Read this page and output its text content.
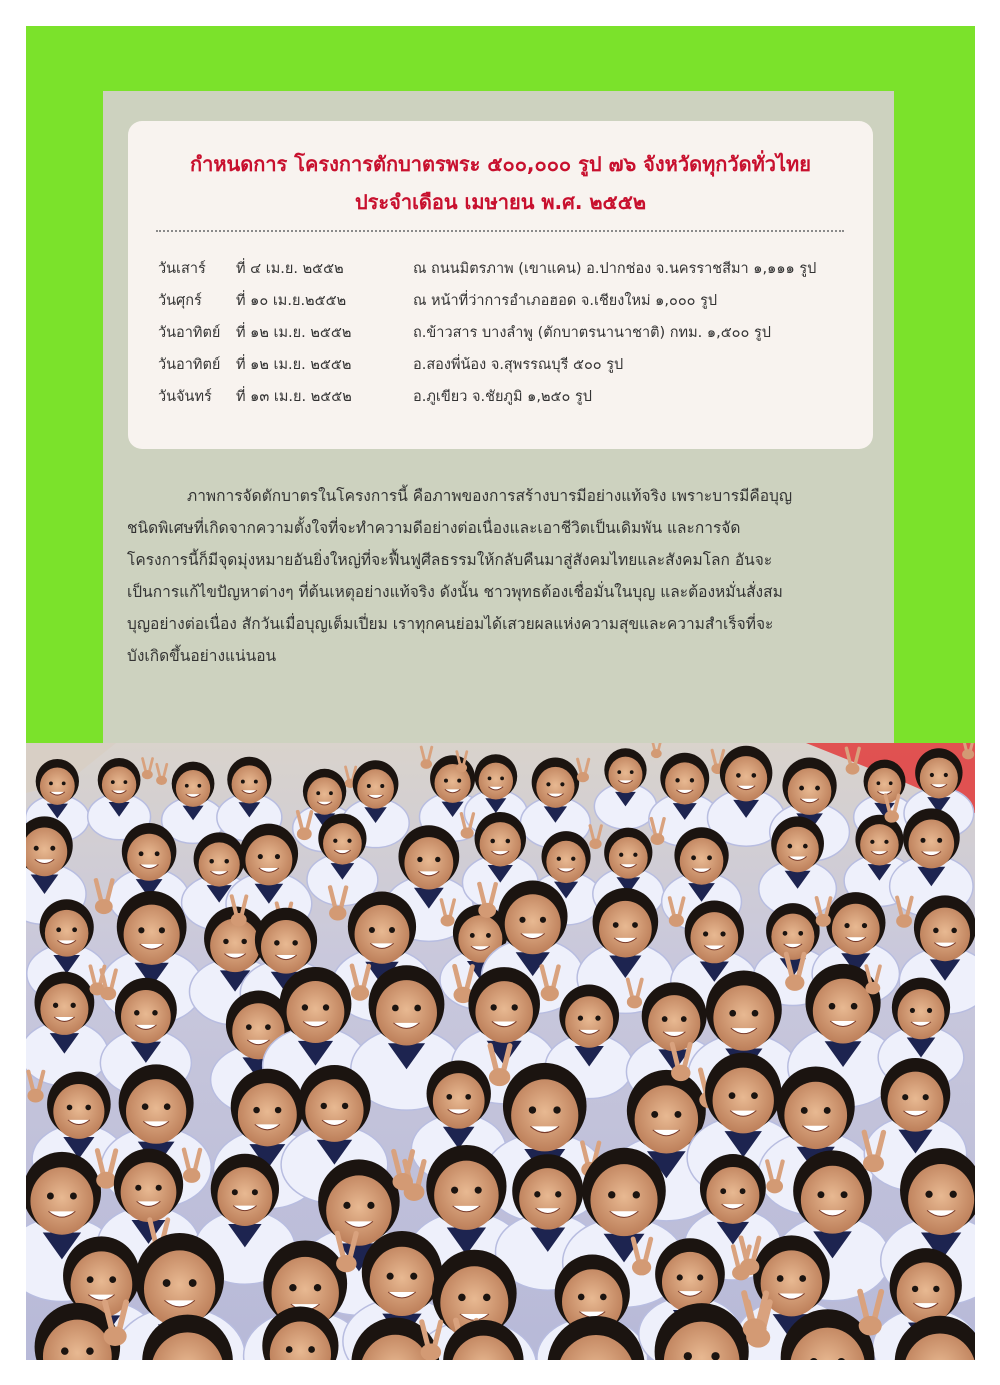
กำหนดการ โครงการตักบาตรพระ ๕๐๐,๐๐๐ รูป ๗๖ จังหวัดทุกวัดทั่วไทย
ประจำเดือน เมษายน พ.ศ. ๒๕๕๒
วันเสาร์ ที่ ๔ เม.ย. ๒๕๕๒	ณ ถนนมิตรภาพ (เขาแคน) อ.ปากช่อง จ.นครราชสีมา ๑,๑๑๑ รูป
วันศุกร์ ที่ ๑๐ เม.ย.๒๕๕๒	ณ หน้าที่ว่าการอำเภอฮอด จ.เชียงใหม่ ๑,๐๐๐ รูป
วันอาทิตย์ ที่ ๑๒ เม.ย. ๒๕๕๒	ถ.ข้าวสาร บางลำพู (ตักบาตรนานาชาติ) กทม. ๑,๕๐๐ รูป
วันอาทิตย์ ที่ ๑๒ เม.ย. ๒๕๕๒	อ.สองพี่น้อง จ.สุพรรณบุรี ๕๐๐ รูป
วันจันทร์ ที่ ๑๓ เม.ย. ๒๕๕๒	อ.ภูเขียว จ.ชัยภูมิ ๑,๒๕๐ รูป
ภาพการจัดตักบาตรในโครงการนี้ คือภาพของการสร้างบารมีอย่างแท้จริง เพราะบารมีคือบุญ
ชนิดพิเศษที่เกิดจากความตั้งใจที่จะทำความดีอย่างต่อเนื่องและเอาชีวิตเป็นเดิมพัน และการจัด
โครงการนี้ก็มีจุดมุ่งหมายอันยิ่งใหญ่ที่จะฟื้นฟูศีลธรรมให้กลับคืนมาสู่สังคมไทยและสังคมโลก อันจะ
เป็นการแก้ไขปัญหาต่างๆ ที่ต้นเหตุอย่างแท้จริง ดังนั้น ชาวพุทธต้องเชื่อมั่นในบุญ และต้องหมั่นสั่งสม
บุญอย่างต่อเนื่อง สักวันเมื่อบุญเต็มเปี่ยม เราทุกคนย่อมได้เสวยผลแห่งความสุขและความสำเร็จที่จะ
บังเกิดขึ้นอย่างแน่นอน
